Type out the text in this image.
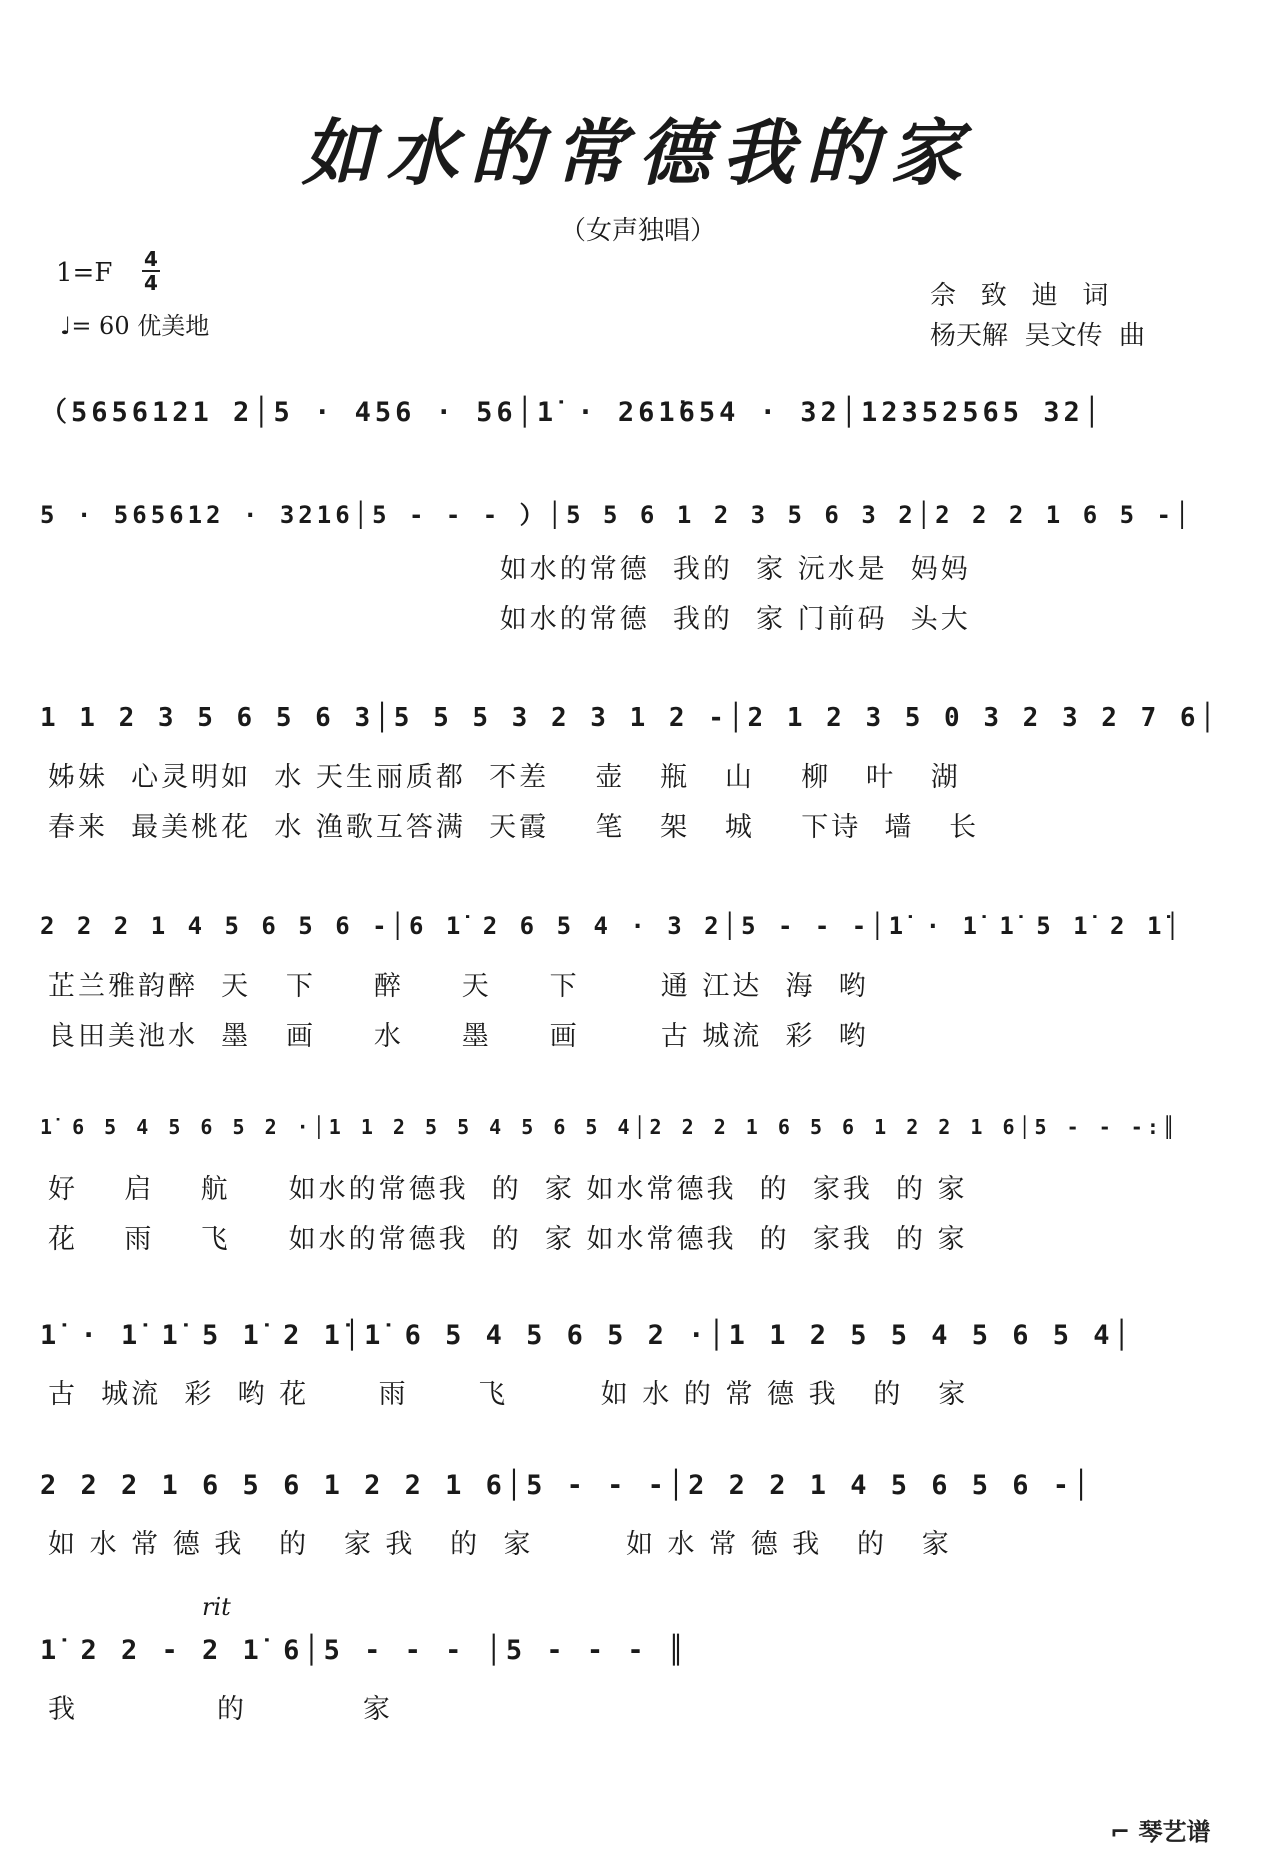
如水的常德我的家
（女声独唱）
1=F 4
4
♩= 60 优美地
佘   致   迪   词
杨天解  吴文传  曲
（5656121 2│5 · 456 · 56│1̇ · 261̇654 · 32│12352565 32│
5 · 565612 · 3216│5 - - - ）│5 5 6 1 2 3 5 6 3 2│2 2 2 1 6 5 -│
如水的常德  我的  家 沅水是  妈妈
如水的常德  我的  家 门前码  头大
1 1 2 3 5 6 5 6 3│5 5 5 3 2 3 1 2 -│2 1 2 3 5 0 3 2 3 2 7 6│
姊妹  心灵明如  水 天生丽质都  不差    壶   瓶   山    柳   叶   湖
春来  最美桃花  水 渔歌互答满  天霞    笔   架   城    下诗  墙   长
2 2 2 1 4 5 6 5 6 -│6 1̇ 2 6 5 4 · 3 2│5 - - -│1̇ · 1̇ 1̇ 5 1̇ 2 1̇│
芷兰雅韵醉  天   下     醉     天     下       通 江达  海  哟
良田美池水  墨   画     水     墨     画       古 城流  彩  哟
1̇ 6 5 4 5 6 5 2 ·│1 1 2 5 5 4 5 6 5 4│2 2 2 1 6 5 6 1 2 2 1 6│5 - - -:║
好    启    航     如水的常德我  的  家 如水常德我  的  家我  的 家
花    雨    飞     如水的常德我  的  家 如水常德我  的  家我  的 家
1̇ · 1̇ 1̇ 5 1̇ 2 1̇│1̇ 6 5 4 5 6 5 2 ·│1 1 2 5 5 4 5 6 5 4│
古  城流  彩  哟 花      雨      飞        如 水 的 常 德 我   的   家
2 2 2 1 6 5 6 1 2 2 1 6│5 - - -│2 2 2 1 4 5 6 5 6 -│
如 水 常 德 我   的   家 我   的  家        如 水 常 德 我   的   家
rit
1̇ 2 2 - 2 1̇ 6│5 - - - │5 - - - ║
我            的          家
⌐ 琴艺谱
